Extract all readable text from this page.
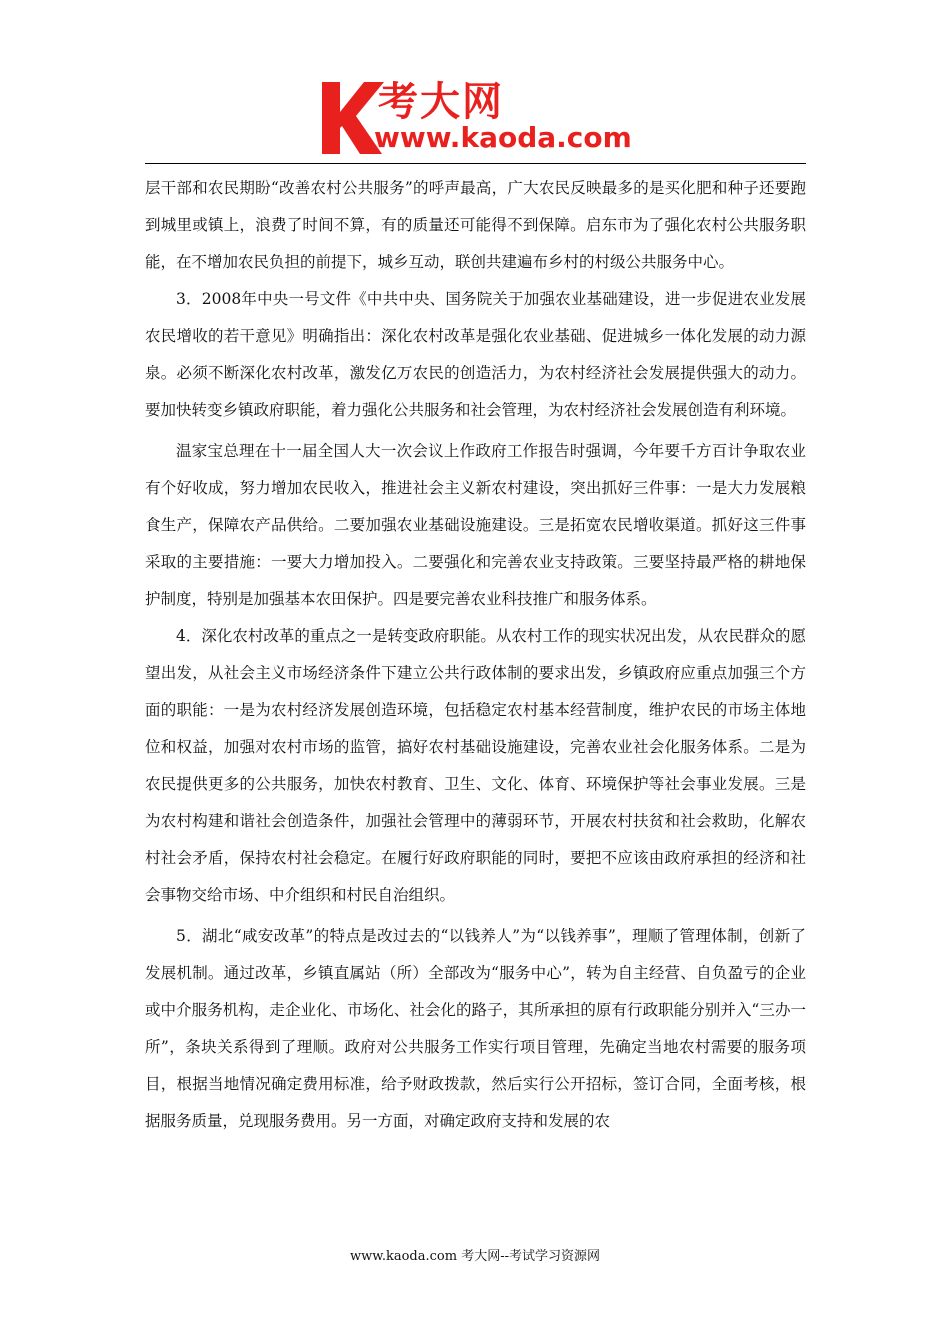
考大网
www.kaoda.com

层干部和农民期盼“改善农村公共服务”的呼声最高，广大农民反映最多的是买化肥和种子还要跑到城里或镇上，浪费了时间不算，有的质量还可能得不到保障。启东市为了强化农村公共服务职能，在不增加农民负担的前提下，城乡互动，联创共建遍布乡村的村级公共服务中心。

3．2008年中央一号文件《中共中央、国务院关于加强农业基础建设，进一步促进农业发展农民增收的若干意见》明确指出：深化农村改革是强化农业基础、促进城乡一体化发展的动力源泉。必须不断深化农村改革，激发亿万农民的创造活力，为农村经济社会发展提供强大的动力。要加快转变乡镇政府职能，着力强化公共服务和社会管理，为农村经济社会发展创造有利环境。

温家宝总理在十一届全国人大一次会议上作政府工作报告时强调，今年要千方百计争取农业有个好收成，努力增加农民收入，推进社会主义新农村建设，突出抓好三件事：一是大力发展粮食生产，保障农产品供给。二要加强农业基础设施建设。三是拓宽农民增收渠道。抓好这三件事采取的主要措施：一要大力增加投入。二要强化和完善农业支持政策。三要坚持最严格的耕地保护制度，特别是加强基本农田保护。四是要完善农业科技推广和服务体系。

4．深化农村改革的重点之一是转变政府职能。从农村工作的现实状况出发，从农民群众的愿望出发，从社会主义市场经济条件下建立公共行政体制的要求出发，乡镇政府应重点加强三个方面的职能：一是为农村经济发展创造环境，包括稳定农村基本经营制度，维护农民的市场主体地位和权益，加强对农村市场的监管，搞好农村基础设施建设，完善农业社会化服务体系。二是为农民提供更多的公共服务，加快农村教育、卫生、文化、体育、环境保护等社会事业发展。三是为农村构建和谐社会创造条件，加强社会管理中的薄弱环节，开展农村扶贫和社会救助，化解农村社会矛盾，保持农村社会稳定。在履行好政府职能的同时，要把不应该由政府承担的经济和社会事物交给市场、中介组织和村民自治组织。

5．湖北“咸安改革”的特点是改过去的“以钱养人”为“以钱养事”，理顺了管理体制，创新了发展机制。通过改革，乡镇直属站（所）全部改为“服务中心”，转为自主经营、自负盈亏的企业或中介服务机构，走企业化、市场化、社会化的路子，其所承担的原有行政职能分别并入“三办一所”，条块关系得到了理顺。政府对公共服务工作实行项目管理，先确定当地农村需要的服务项目，根据当地情况确定费用标准，给予财政拨款，然后实行公开招标，签订合同，全面考核，根据服务质量，兑现服务费用。另一方面，对确定政府支持和发展的农

www.kaoda.com 考大网--考试学习资源网
